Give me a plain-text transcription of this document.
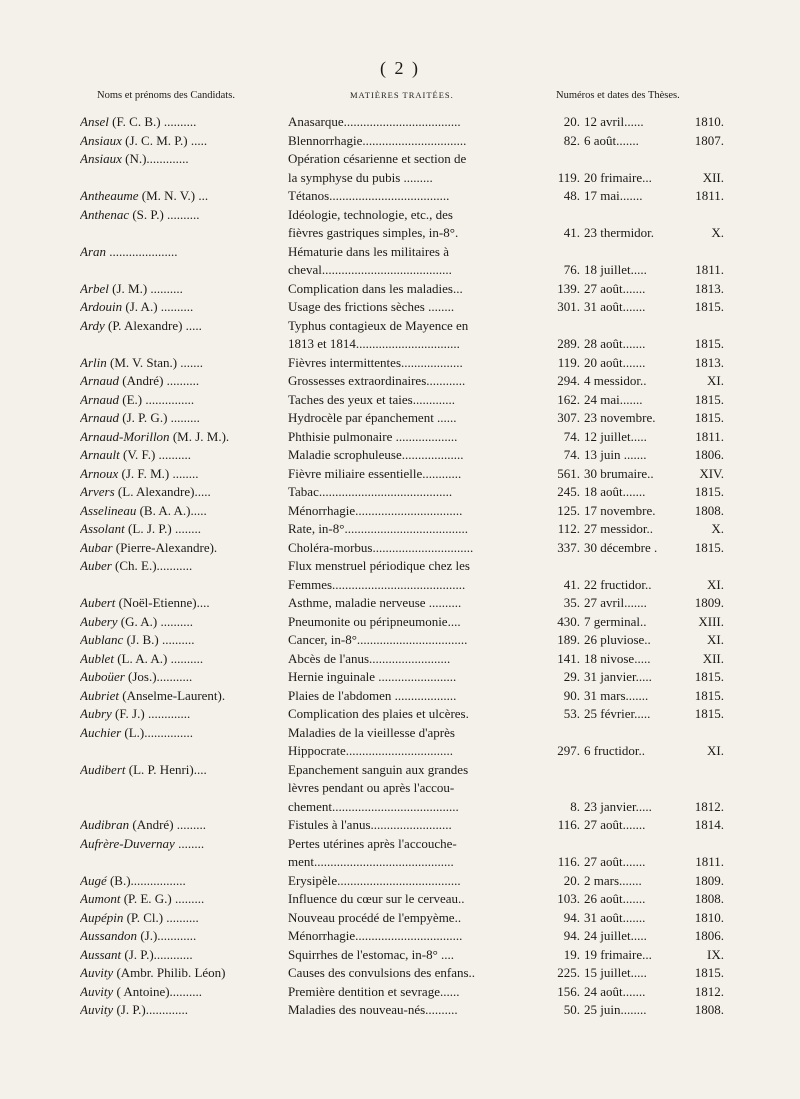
( 2 )
Noms et prénoms des Candidats.	MATIÈRES TRAITÉES.	Numéros et dates des Thèses.
Ansel (F. C. B.) ..........	Anasarque....................................	20. 12 avril......	1810.
Ansiaux (J. C. M. P.) .....	Blennorrhagie................................	82. 6 août.......	1807.
Ansiaux (N.).............	Opération césarienne et section de
la symphyse du pubis .........	119. 20 frimaire...	XII.
Antheaume (M. N. V.) ...	Tétanos.....................................	48. 17 mai.......	1811.
Anthenac (S. P.) ..........	Idéologie, technologie, etc., des
fièvres gastriques simples, in-8°.	41. 23 thermidor.	X.
Aran .....................	Hématurie dans les militaires à
cheval........................................	76. 18 juillet.....	1811.
Arbel (J. M.) ..........	Complication dans les maladies...	139. 27 août.......	1813.
Ardouin (J. A.) ..........	Usage des frictions sèches ........	301. 31 août.......	1815.
Ardy (P. Alexandre) .....	Typhus contagieux de Mayence en
1813 et 1814................................	289. 28 août.......	1815.
Arlin (M. V. Stan.) .......	Fièvres intermittentes...................	119. 20 août.......	1813.
Arnaud (André) ..........	Grossesses extraordinaires............	294. 4 messidor..	XI.
Arnaud (E.) ...............	Taches des yeux et taies.............	162. 24 mai.......	1815.
Arnaud (J. P. G.) .........	Hydrocèle par épanchement ......	307. 23 novembre.	1815.
Arnaud-Morillon (M. J. M.).	Phthisie pulmonaire ...................	74. 12 juillet.....	1811.
Arnault (V. F.) ..........	Maladie scrophuleuse...................	74. 13 juin .......	1806.
Arnoux (J. F. M.) ........	Fièvre miliaire essentielle............	561. 30 brumaire..	XIV.
Arvers (L. Alexandre).....	Tabac.........................................	245. 18 août.......	1815.
Asselineau (B. A. A.).....	Ménorrhagie.................................	125. 17 novembre.	1808.
Assolant (L. J. P.) ........	Rate, in-8°......................................	112. 27 messidor..	X.
Aubar (Pierre-Alexandre).	Choléra-morbus...............................	337. 30 décembre .	1815.
Auber (Ch. E.)...........	Flux menstruel périodique chez les
Femmes.........................................	41. 22 fructidor..	XI.
Aubert (Noël-Etienne)....	Asthme, maladie nerveuse ..........	35. 27 avril.......	1809.
Aubery (G. A.) ..........	Pneumonite ou péripneumonie....	430. 7 germinal..	XIII.
Aublanc (J. B.) ..........	Cancer, in-8°..................................	189. 26 pluviose..	XI.
Aublet (L. A. A.) ..........	Abcès de l'anus.........................	141. 18 nivose.....	XII.
Auboüer (Jos.)...........	Hernie inguinale ........................	29. 31 janvier.....	1815.
Aubriet (Anselme-Laurent).	Plaies de l'abdomen ...................	90. 31 mars.......	1815.
Aubry (F. J.) .............	Complication des plaies et ulcères.	53. 25 février.....	1815.
Auchier (L.)...............	Maladies de la vieillesse d'après
Hippocrate.................................	297. 6 fructidor..	XI.
Audibert (L. P. Henri)....	Epanchement sanguin aux grandes
lèvres pendant ou après l'accou-
chement.......................................	8. 23 janvier.....	1812.
Audibran (André) .........	Fistules à l'anus.........................	116. 27 août.......	1814.
Aufrère-Duvernay ........	Pertes utérines après l'accouche-
ment...........................................	116. 27 août.......	1811.
Augé (B.).................	Erysipèle......................................	20. 2 mars.......	1809.
Aumont (P. E. G.) .........	Influence du cœur sur le cerveau..	103. 26 août.......	1808.
Aupépin (P. Cl.) ..........	Nouveau procédé de l'empyème..	94. 31 août.......	1810.
Aussandon (J.)............	Ménorrhagie.................................	94. 24 juillet.....	1806.
Aussant (J. P.)............	Squirrhes de l'estomac, in-8° ....	19. 19 frimaire...	IX.
Auvity (Ambr. Philib. Léon)	Causes des convulsions des enfans..	225. 15 juillet.....	1815.
Auvity ( Antoine)..........	Première dentition et sevrage......	156. 24 août.......	1812.
Auvity (J. P.).............	Maladies des nouveau-nés..........	50. 25 juin........	1808.
